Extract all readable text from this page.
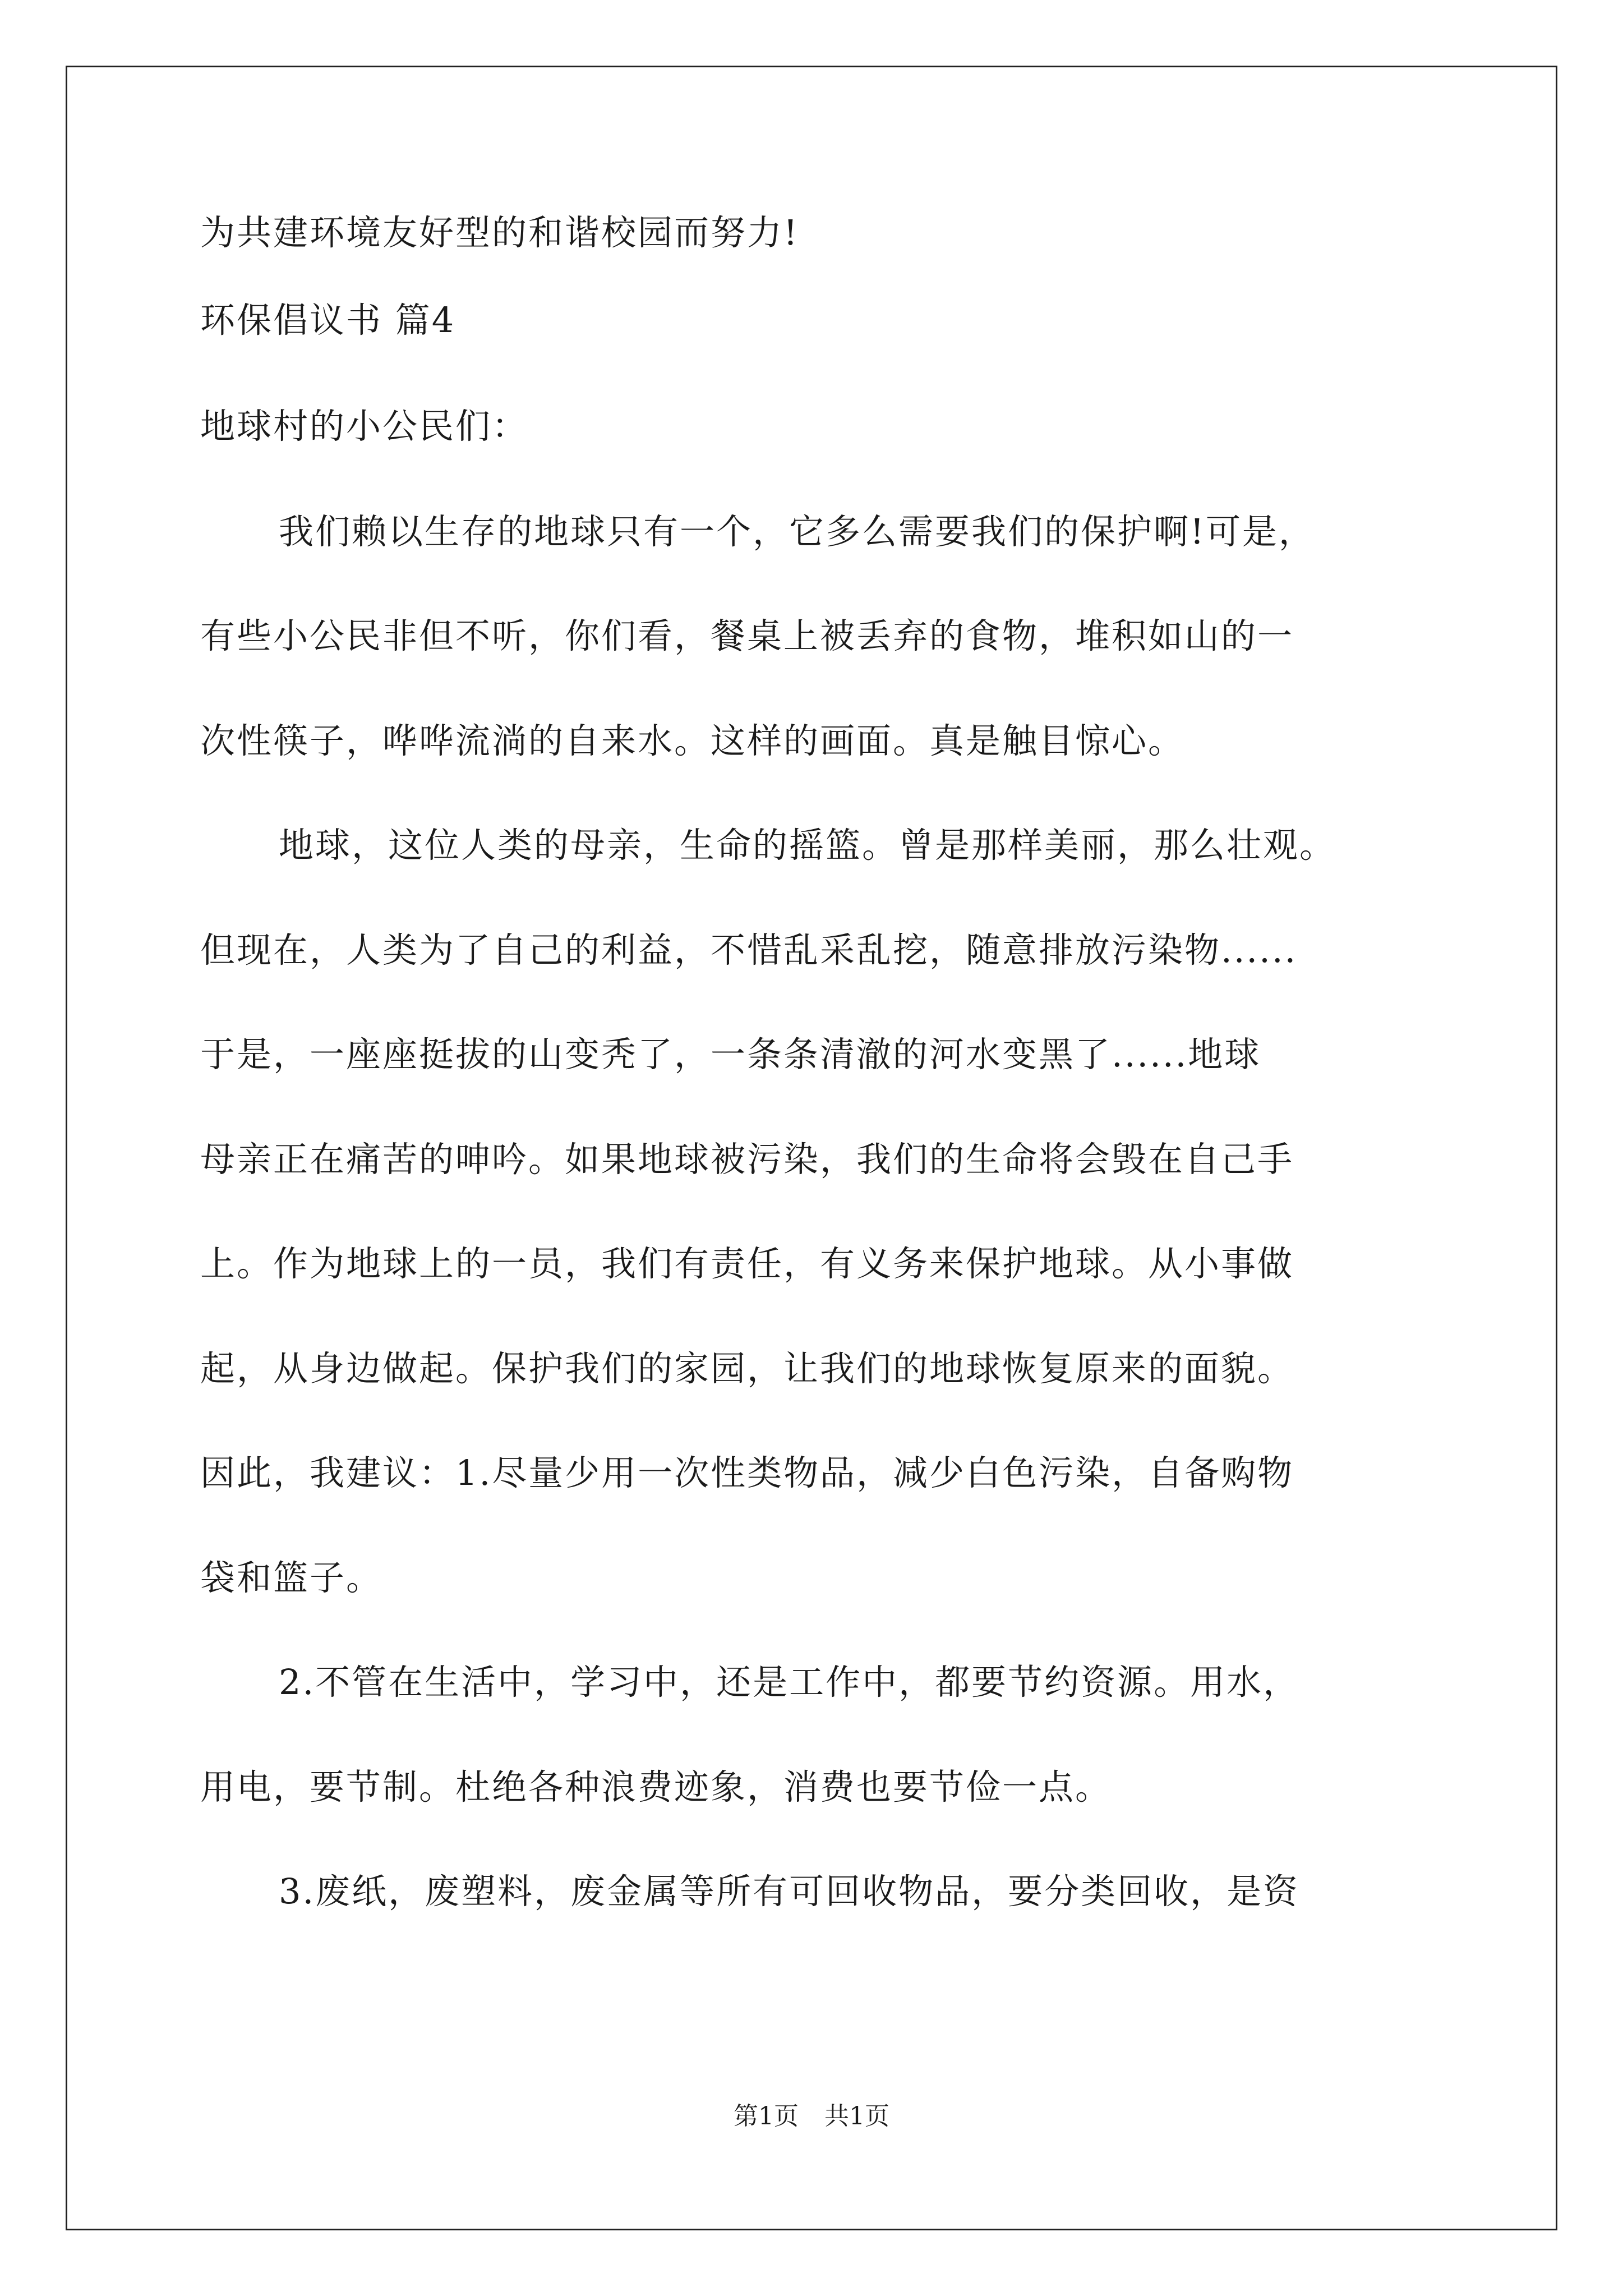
为共建环境友好型的和谐校园而努力!
环保倡议书 篇4
地球村的小公民们：
我们赖以生存的地球只有一个，它多么需要我们的保护啊!可是，
有些小公民非但不听，你们看，餐桌上被丢弃的食物，堆积如山的一
次性筷子，哗哗流淌的自来水。这样的画面。真是触目惊心。
地球，这位人类的母亲，生命的摇篮。曾是那样美丽，那么壮观。
但现在，人类为了自己的利益，不惜乱采乱挖，随意排放污染物......
于是，一座座挺拔的山变秃了，一条条清澈的河水变黑了......地球
母亲正在痛苦的呻吟。如果地球被污染，我们的生命将会毁在自己手
上。作为地球上的一员，我们有责任，有义务来保护地球。从小事做
起，从身边做起。保护我们的家园，让我们的地球恢复原来的面貌。
因此，我建议：1.尽量少用一次性类物品，减少白色污染，自备购物
袋和篮子。
2.不管在生活中，学习中，还是工作中，都要节约资源。用水，
用电，要节制。杜绝各种浪费迹象，消费也要节俭一点。
3.废纸，废塑料，废金属等所有可回收物品，要分类回收，是资
第1页 共1页
